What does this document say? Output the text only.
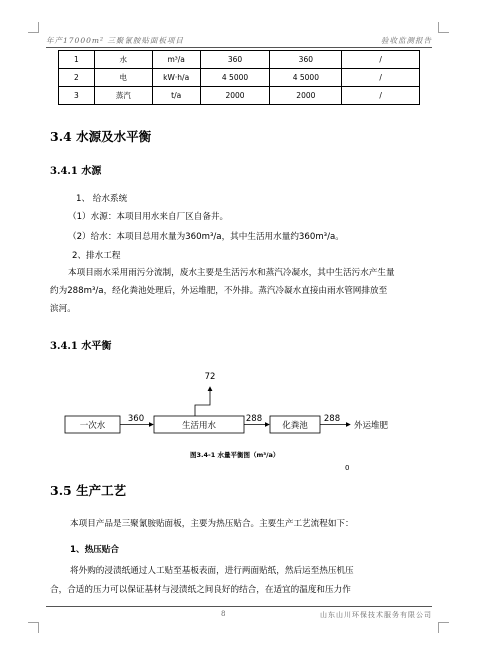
年产17000m² 三聚氰胺贴面板项目	验收监测报告
1	水	m³/a	360	360	/
2	电	kW·h/a	4 5000	4 5000	/
3	蒸汽	t/a	2000	2000	/
3.4 水源及水平衡
3.4.1 水源
1、 给水系统
（1）水源：本项目用水来自厂区自备井。
（2）给水：本项目总用水量为360m³/a，其中生活用水量约360m³/a。
2、排水工程
本项目雨水采用雨污分流制，废水主要是生活污水和蒸汽冷凝水，其中生活污水产生量
约为288m³/a，经化粪池处理后，外运堆肥，不外排。蒸汽冷凝水直接由雨水管网排放至
滨河。
3.4.1 水平衡
一次水
360
生活用水
72
288
化粪池
288
外运堆肥
图3.4-1 水量平衡图（m³/a）
0
3.5 生产工艺
本项目产品是三聚氰胺贴面板，主要为热压贴合。主要生产工艺流程如下：
1、热压贴合
将外购的浸渍纸通过人工贴至基板表面，进行两面贴纸，然后运至热压机压
合，合适的压力可以保证基材与浸渍纸之间良好的结合，在适宜的温度和压力作
8	山东山川环保技术服务有限公司
